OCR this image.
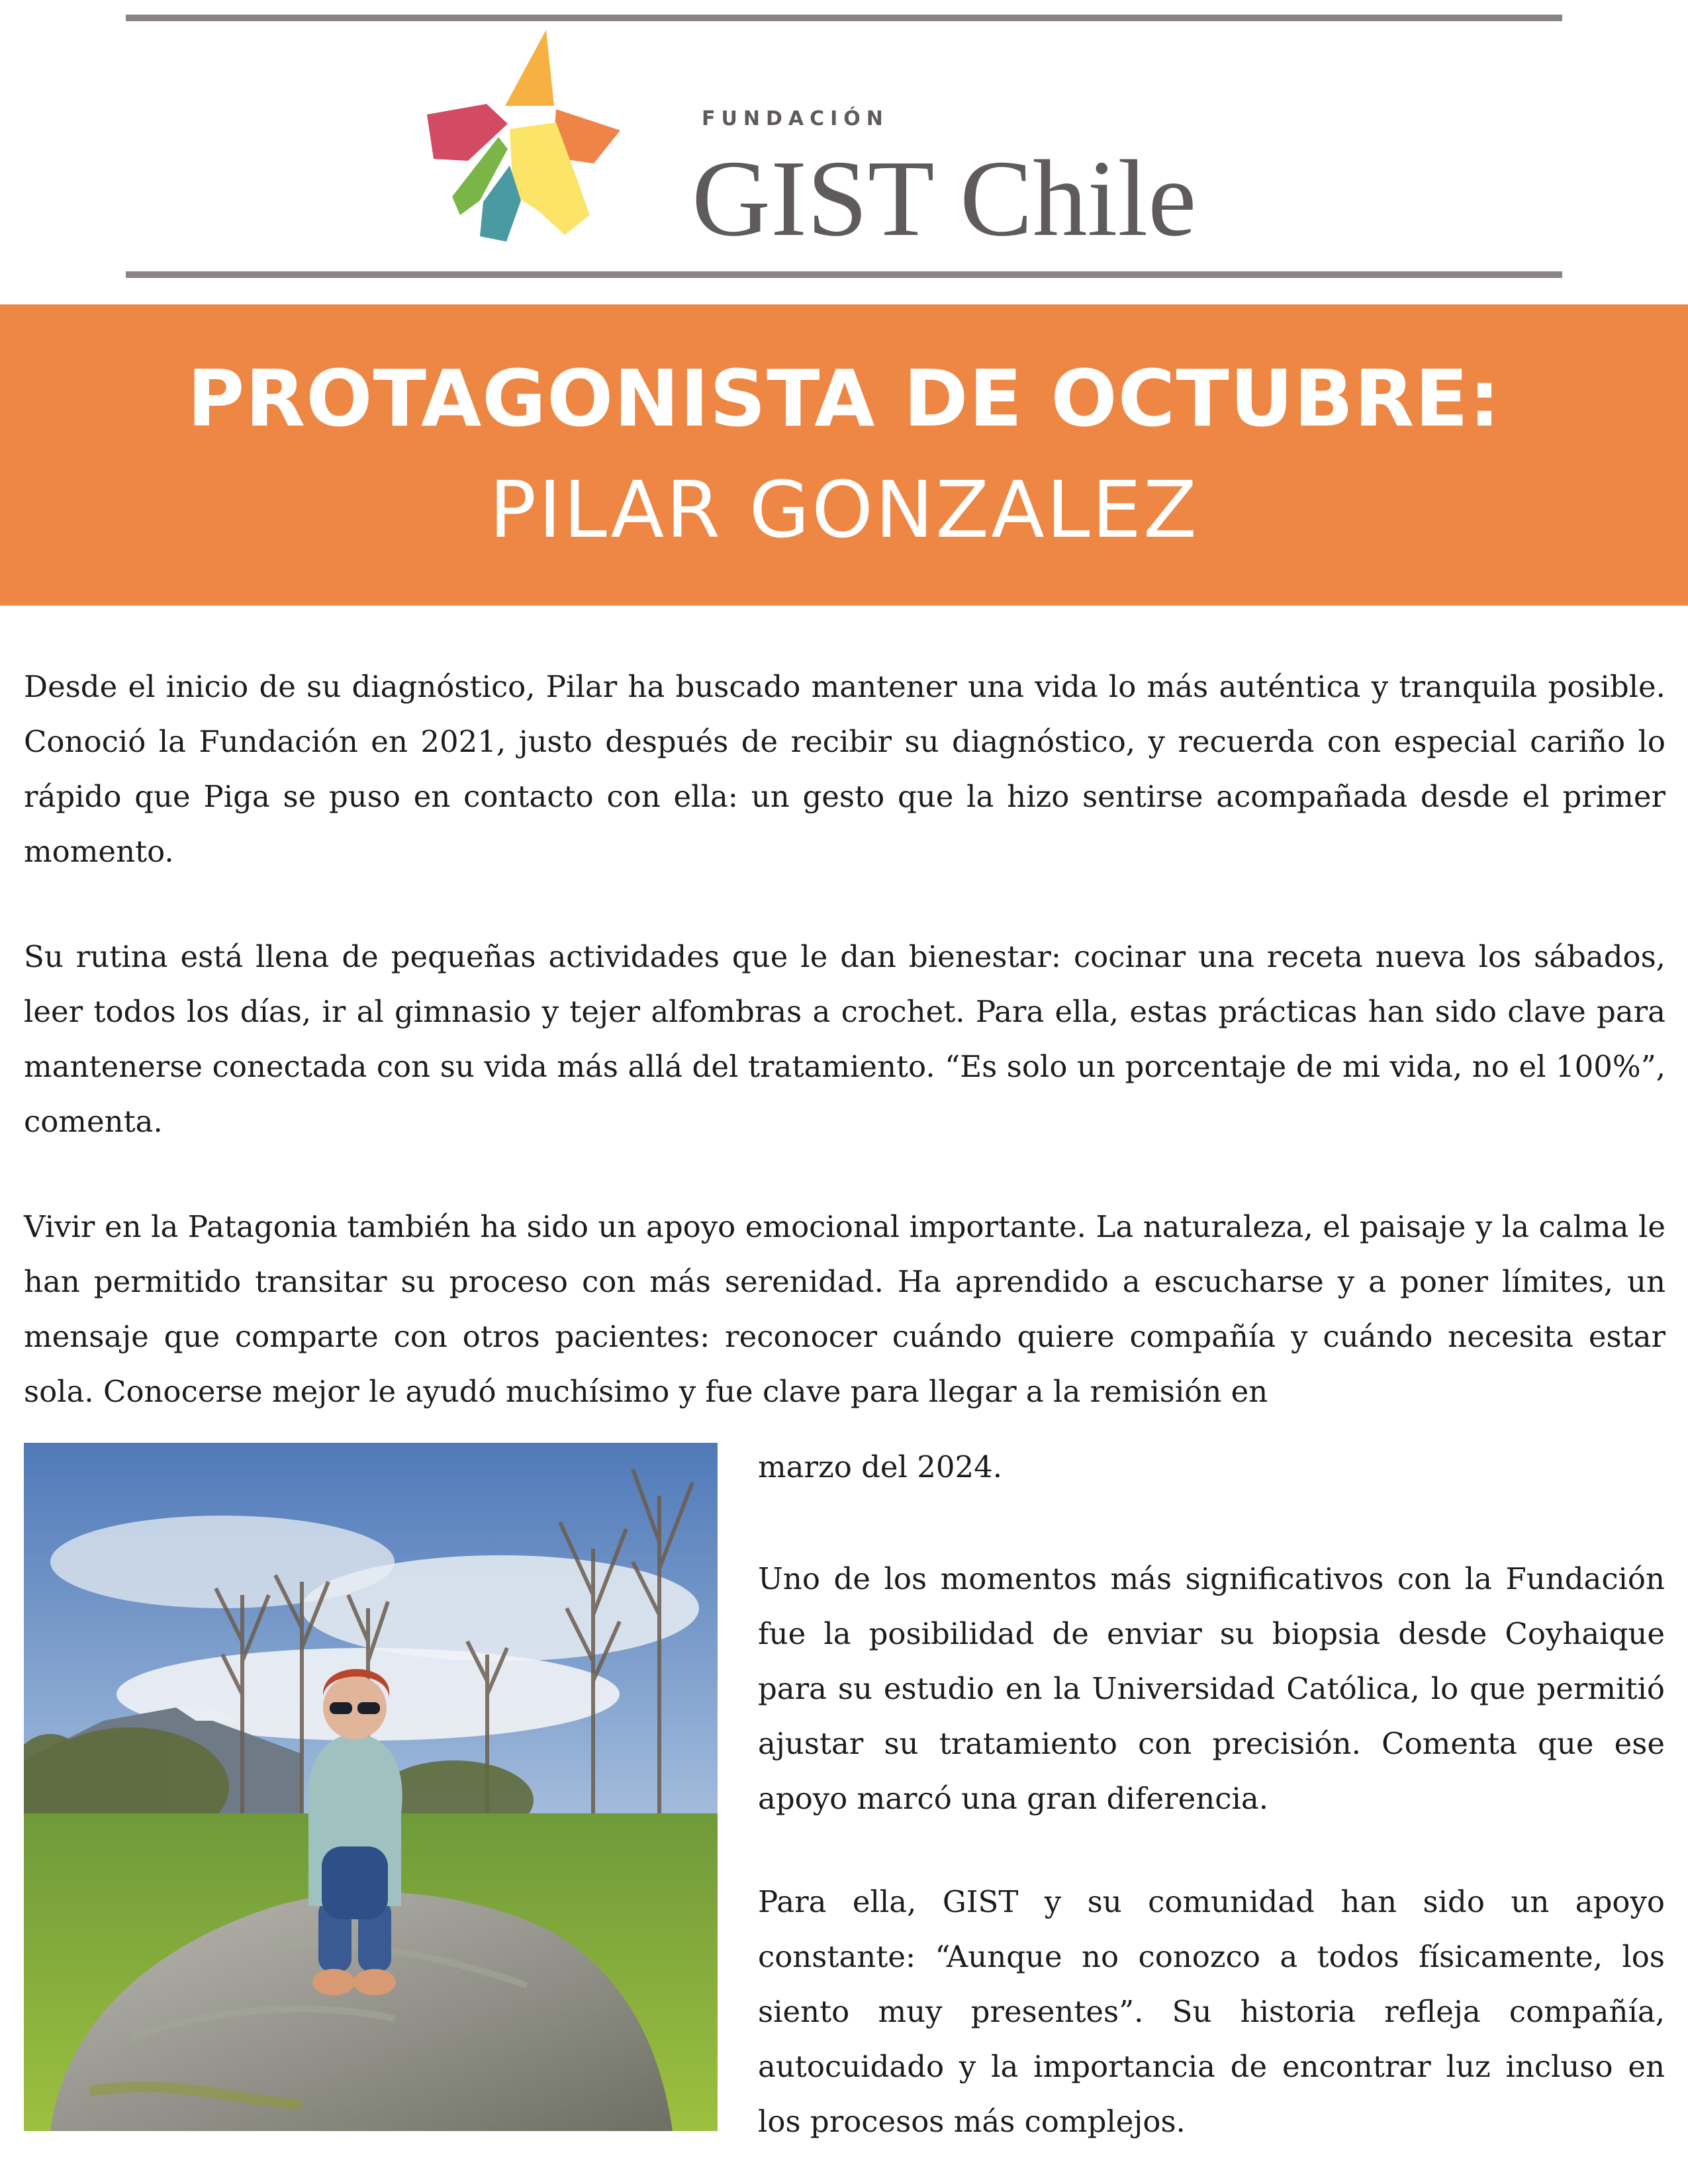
FUNDACIÓN
GIST Chile
PROTAGONISTA DE OCTUBRE:
PILAR GONZALEZ

Desde el inicio de su diagnóstico, Pilar ha buscado mantener una vida lo más auténtica y tranquila posible. Conoció la Fundación en 2021, justo después de recibir su diagnóstico, y recuerda con especial cariño lo rápido que Piga se puso en contacto con ella: un gesto que la hizo sentirse acompañada desde el primer momento.

Su rutina está llena de pequeñas actividades que le dan bienestar: cocinar una receta nueva los sábados, leer todos los días, ir al gimnasio y tejer alfombras a crochet. Para ella, estas prácticas han sido clave para mantenerse conectada con su vida más allá del tratamiento. “Es solo un porcentaje de mi vida, no el 100%”, comenta.

Vivir en la Patagonia también ha sido un apoyo emocional importante. La naturaleza, el paisaje y la calma le han permitido transitar su proceso con más serenidad. Ha aprendido a escucharse y a poner límites, un mensaje que comparte con otros pacientes: reconocer cuándo quiere compañía y cuándo necesita estar sola. Conocerse mejor le ayudó muchísimo y fue clave para llegar a la remisión en

marzo del 2024.

Uno de los momentos más significativos con la Fundación fue la posibilidad de enviar su biopsia desde Coyhaique para su estudio en la Universidad Católica, lo que permitió ajustar su tratamiento con precisión. Comenta que ese apoyo marcó una gran diferencia.

Para ella, GIST y su comunidad han sido un apoyo constante: “Aunque no conozco a todos físicamente, los siento muy presentes”. Su historia refleja compañía, autocuidado y la importancia de encontrar luz incluso en los procesos más complejos.
